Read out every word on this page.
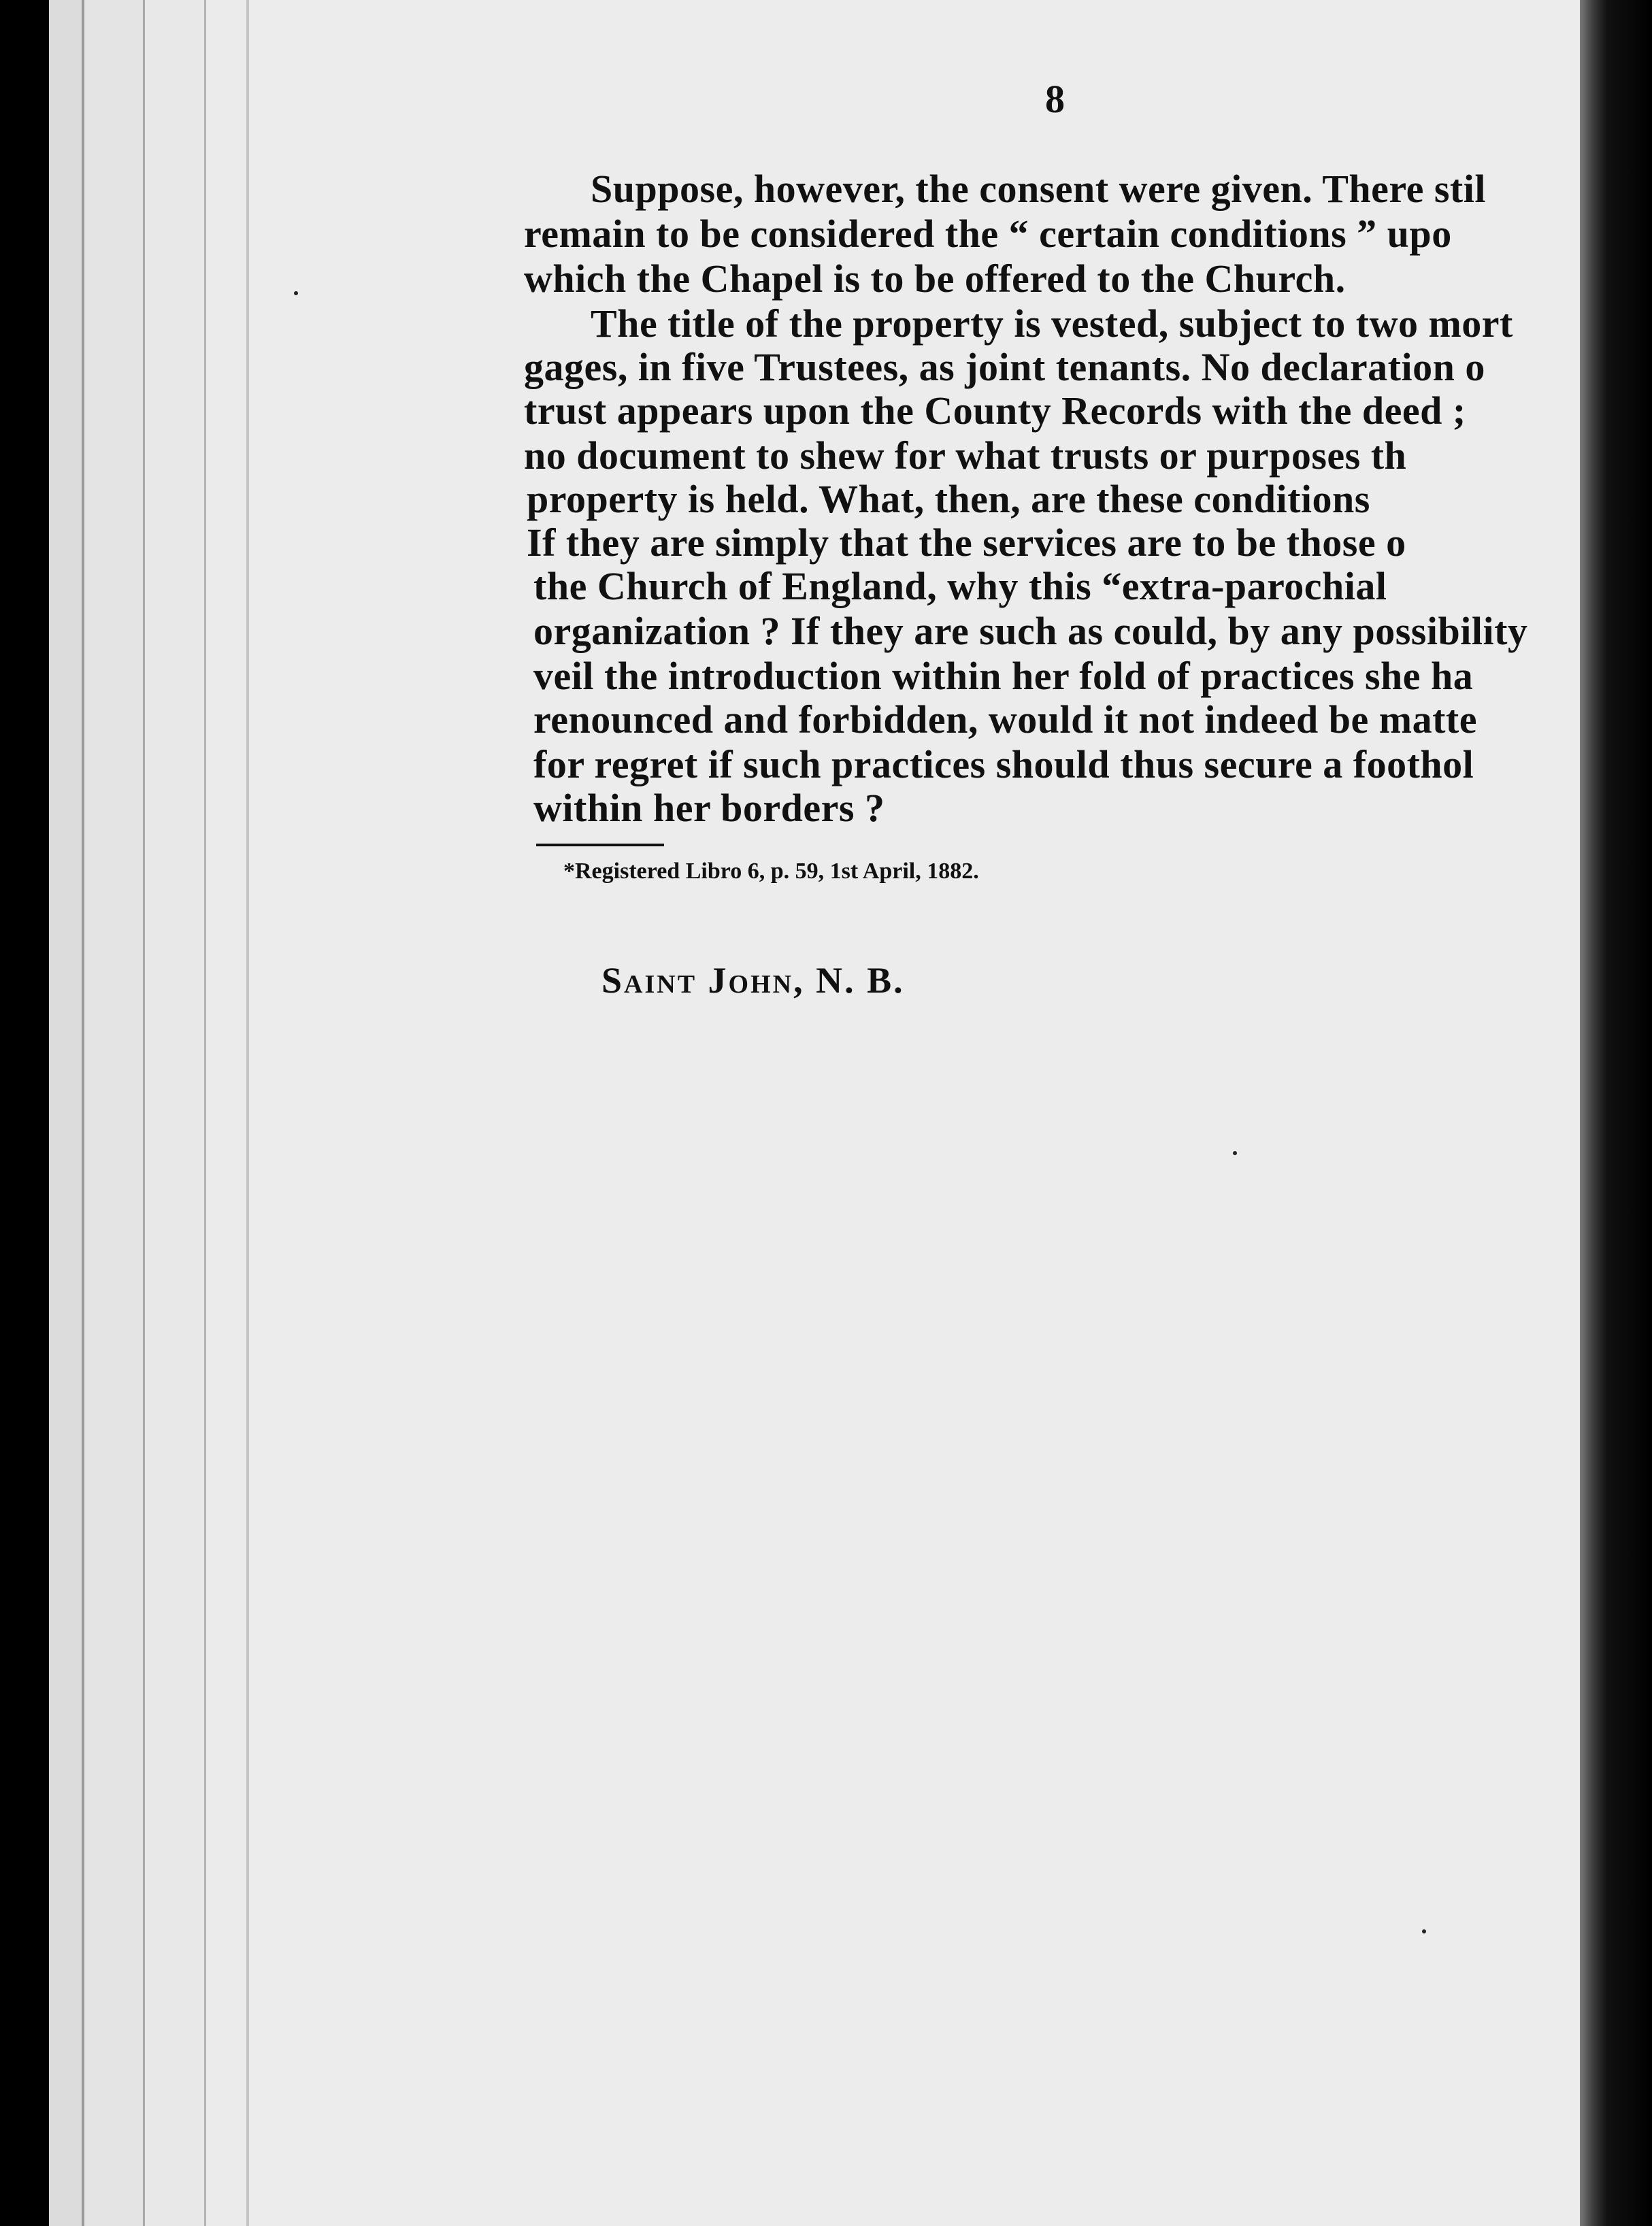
8
Suppose, however, the consent were given. There stil
remain to be considered the “ certain conditions ” upo
which the Chapel is to be offered to the Church.
The title of the property is vested, subject to two mort
gages, in five Trustees, as joint tenants. No declaration o
trust appears upon the County Records with the deed ;
no document to shew for what trusts or purposes th
property is held. What, then, are these conditions
If they are simply that the services are to be those o
the Church of England, why this “extra-parochial
organization ? If they are such as could, by any possibility
veil the introduction within her fold of practices she ha
renounced and forbidden, would it not indeed be matte
for regret if such practices should thus secure a foothol
within her borders ?
*Registered Libro 6, p. 59, 1st April, 1882.
Saint John, N. B.
